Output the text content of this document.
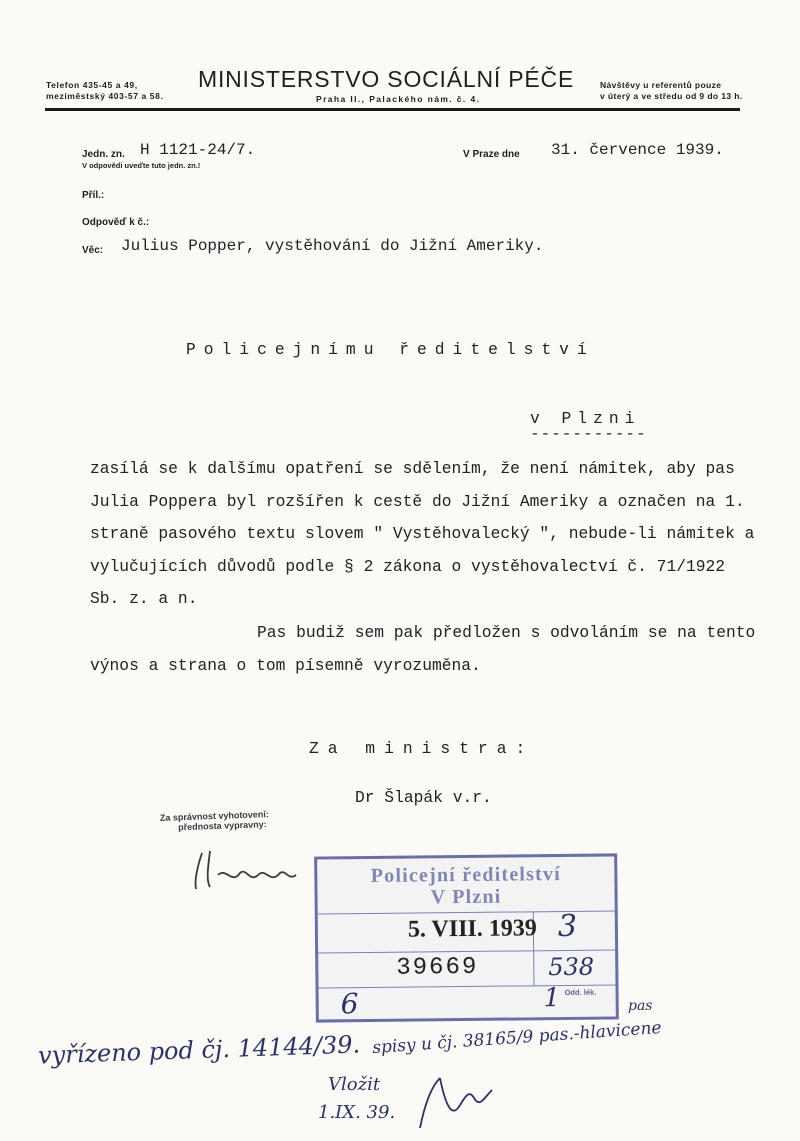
Telefon 435-45 a 49,
meziměstský 403-57 a 58.
MINISTERSTVO SOCIÁLNÍ PÉČE
Praha II., Palackého nám. č. 4.
Návštěvy u referentů pouze
v úterý a ve středu od 9 do 13 h.
Jedn. zn. H 1121-24/7.
V odpovědi uveďte tuto jedn. zn.!
V Praze dne 31. července 1939.
Příl.:
Odpověď k č.:
Věc: Julius Popper, vystěhování do Jižní Ameriky.
Policejnímu ředitelství
v Plzni
-----------
zasílá se k dalšímu opatření se sdělením, že není námitek, aby pas
Julia Poppera byl rozšířen k cestě do Jižní Ameriky a označen na 1.
straně pasového textu slovem " Vystěhovalecký ", nebude-li námitek a
vylučujících důvodů podle § 2 zákona o vystěhovalectví č. 71/1922
Sb. z. a n.
Pas budiž sem pak předložen s odvoláním se na tento
výnos a strana o tom písemně vyrozuměna.
Za ministra:
Dr Šlapák v.r.
Za správnost vyhotovení:
přednosta vypravny:
Policejní ředitelství
V Plzni
5. VIII. 1939 3
39669	538
6	1 Odd. lék.
pas
vyřízeno pod čj. 14144/39. spisy u čj. 38165/9 pas.-hlavicenе
Vložit
1.IX. 39.
